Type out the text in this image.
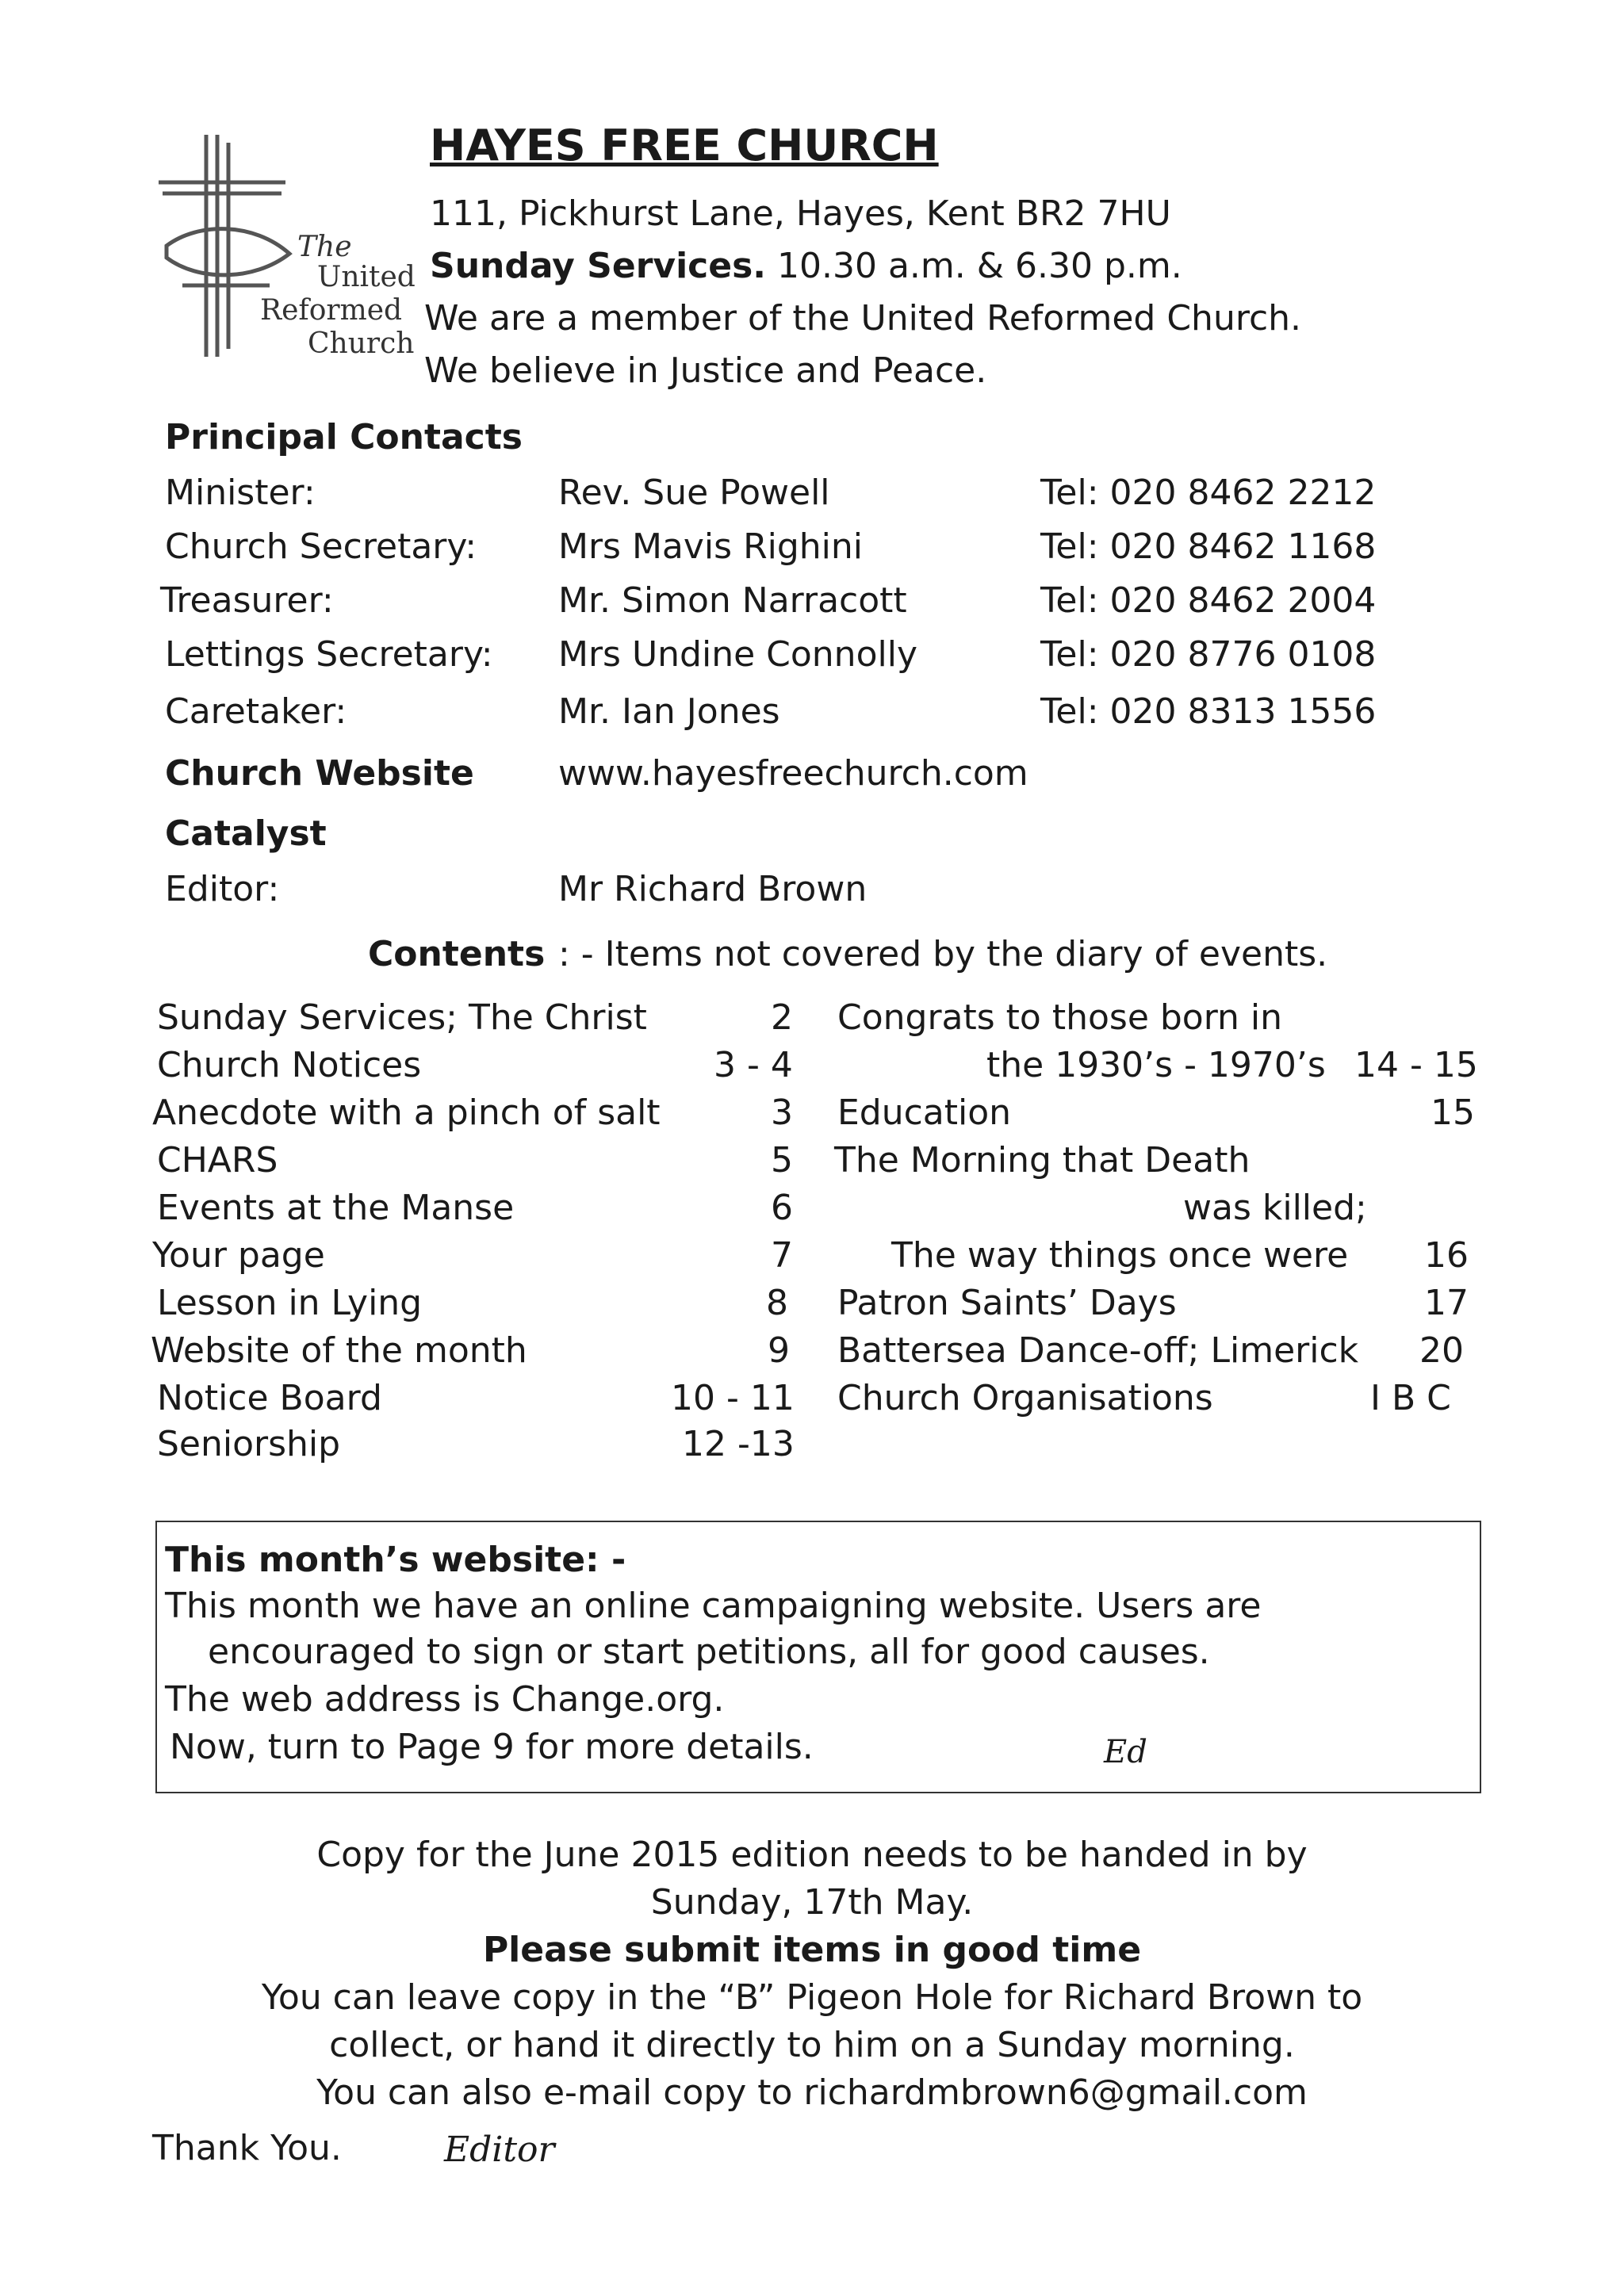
The
United
Reformed
Church
HAYES FREE CHURCH
111, Pickhurst Lane, Hayes, Kent BR2 7HU
Sunday Services. 10.30 a.m. & 6.30 p.m.
We are a member of the United Reformed Church.
We believe in Justice and Peace.
Principal Contacts
Minister:	Rev. Sue Powell	Tel: 020 8462 2212
Church Secretary: Mrs Mavis Righini	Tel: 020 8462 1168
Treasurer:	Mr. Simon Narracott	Tel: 020 8462 2004
Lettings Secretary: Mrs Undine Connolly	Tel: 020 8776 0108
Caretaker:	Mr. Ian Jones	Tel: 020 8313 1556
Church Website www.hayesfreechurch.com
Catalyst
Editor:	Mr Richard Brown
Contents : - Items not covered by the diary of events.
Sunday Services; The Christ	2
Church Notices	3 - 4
Anecdote with a pinch of salt	3
CHARS	5
Events at the Manse	6
Your page	7
Lesson in Lying	8
Website of the month	9
Notice Board	10 - 11
Seniorship	12 -13
Congrats to those born in
the 1930’s - 1970’s 14 - 15
Education	15
The Morning that Death
was killed;
The way things once were 16
Patron Saints’ Days	17
Battersea Dance-off; Limerick 20
Church Organisations	I B C
This month’s website: -
This month we have an online campaigning website. Users are
encouraged to sign or start petitions, all for good causes.
The web address is Change.org.
Now, turn to Page 9 for more details.	Ed
Copy for the June 2015 edition needs to be handed in by
Sunday, 17th May.
Please submit items in good time
You can leave copy in the “B” Pigeon Hole for Richard Brown to
collect, or hand it directly to him on a Sunday morning.
You can also e-mail copy to richardmbrown6@gmail.com
Thank You.	Editor
